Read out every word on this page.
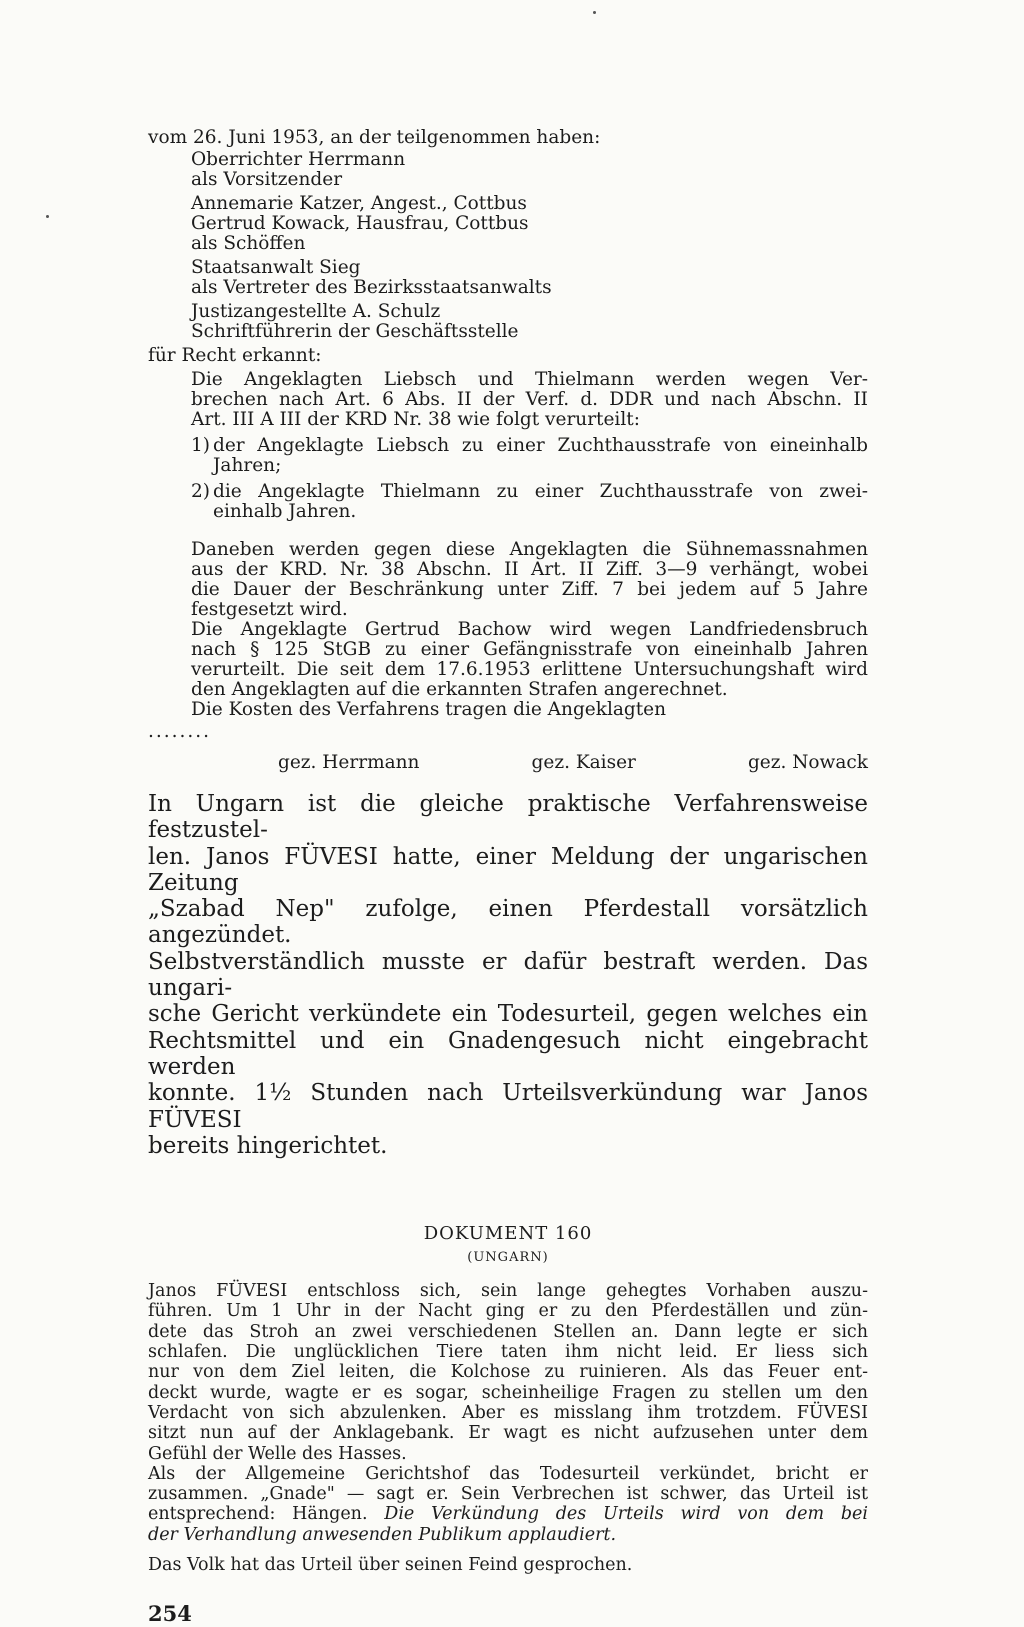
vom 26. Juni 1953, an der teilgenommen haben:
Oberrichter Herrmann
als Vorsitzender
Annemarie Katzer, Angest., Cottbus
Gertrud Kowack, Hausfrau, Cottbus
als Schöffen
Staatsanwalt Sieg
als Vertreter des Bezirksstaatsanwalts
Justizangestellte A. Schulz
Schriftführerin der Geschäftsstelle
für Recht erkannt:
Die Angeklagten Liebsch und Thielmann werden wegen Ver-
brechen nach Art. 6 Abs. II der Verf. d. DDR und nach Abschn. II
Art. III A III der KRD Nr. 38 wie folgt verurteilt:
1) der Angeklagte Liebsch zu einer Zuchthausstrafe von eineinhalb
Jahren;
2) die Angeklagte Thielmann zu einer Zuchthausstrafe von zwei-
einhalb Jahren.
Daneben werden gegen diese Angeklagten die Sühnemassnahmen
aus der KRD. Nr. 38 Abschn. II Art. II Ziff. 3—9 verhängt, wobei
die Dauer der Beschränkung unter Ziff. 7 bei jedem auf 5 Jahre
festgesetzt wird.
Die Angeklagte Gertrud Bachow wird wegen Landfriedensbruch
nach § 125 StGB zu einer Gefängnisstrafe von eineinhalb Jahren
verurteilt. Die seit dem 17.6.1953 erlittene Untersuchungshaft wird
den Angeklagten auf die erkannten Strafen angerechnet.
Die Kosten des Verfahrens tragen die Angeklagten
........
gez. Herrmann	gez. Kaiser	gez. Nowack
In Ungarn ist die gleiche praktische Verfahrensweise festzustel-
len. Janos FÜVESI hatte, einer Meldung der ungarischen Zeitung
„Szabad Nep" zufolge, einen Pferdestall vorsätzlich angezündet.
Selbstverständlich musste er dafür bestraft werden. Das ungari-
sche Gericht verkündete ein Todesurteil, gegen welches ein
Rechtsmittel und ein Gnadengesuch nicht eingebracht werden
konnte. 1½ Stunden nach Urteilsverkündung war Janos FÜVESI
bereits hingerichtet.
DOKUMENT 160
(UNGARN)
Janos FÜVESI entschloss sich, sein lange gehegtes Vorhaben auszu-
führen. Um 1 Uhr in der Nacht ging er zu den Pferdeställen und zün-
dete das Stroh an zwei verschiedenen Stellen an. Dann legte er sich
schlafen. Die unglücklichen Tiere taten ihm nicht leid. Er liess sich
nur von dem Ziel leiten, die Kolchose zu ruinieren. Als das Feuer ent-
deckt wurde, wagte er es sogar, scheinheilige Fragen zu stellen um den
Verdacht von sich abzulenken. Aber es misslang ihm trotzdem. FÜVESI
sitzt nun auf der Anklagebank. Er wagt es nicht aufzusehen unter dem
Gefühl der Welle des Hasses.
Als der Allgemeine Gerichtshof das Todesurteil verkündet, bricht er
zusammen. „Gnade" — sagt er. Sein Verbrechen ist schwer, das Urteil ist
entsprechend: Hängen. Die Verkündung des Urteils wird von dem bei
der Verhandlung anwesenden Publikum applaudiert.
Das Volk hat das Urteil über seinen Feind gesprochen.
254
